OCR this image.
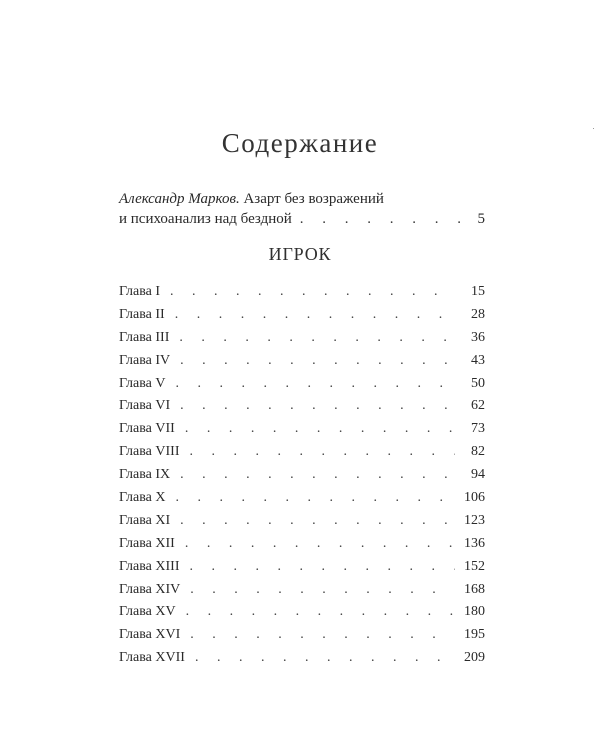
Содержание
Александр Марков. Азарт без возражений
и психоанализ над бездной . . .	5
ИГРОК
Глава I . . .	15
Глава II . . .	28
Глава III . . .	36
Глава IV . . .	43
Глава V . . .	50
Глава VI . . .	62
Глава VII . . .	73
Глава VIII . . .	82
Глава IX . . .	94
Глава X . . .	106
Глава XI . . .	123
Глава XII . . .	136
Глава XIII . . .	152
Глава XIV . . .	168
Глава XV . . .	180
Глава XVI . . .	195
Глава XVII . . .	209
